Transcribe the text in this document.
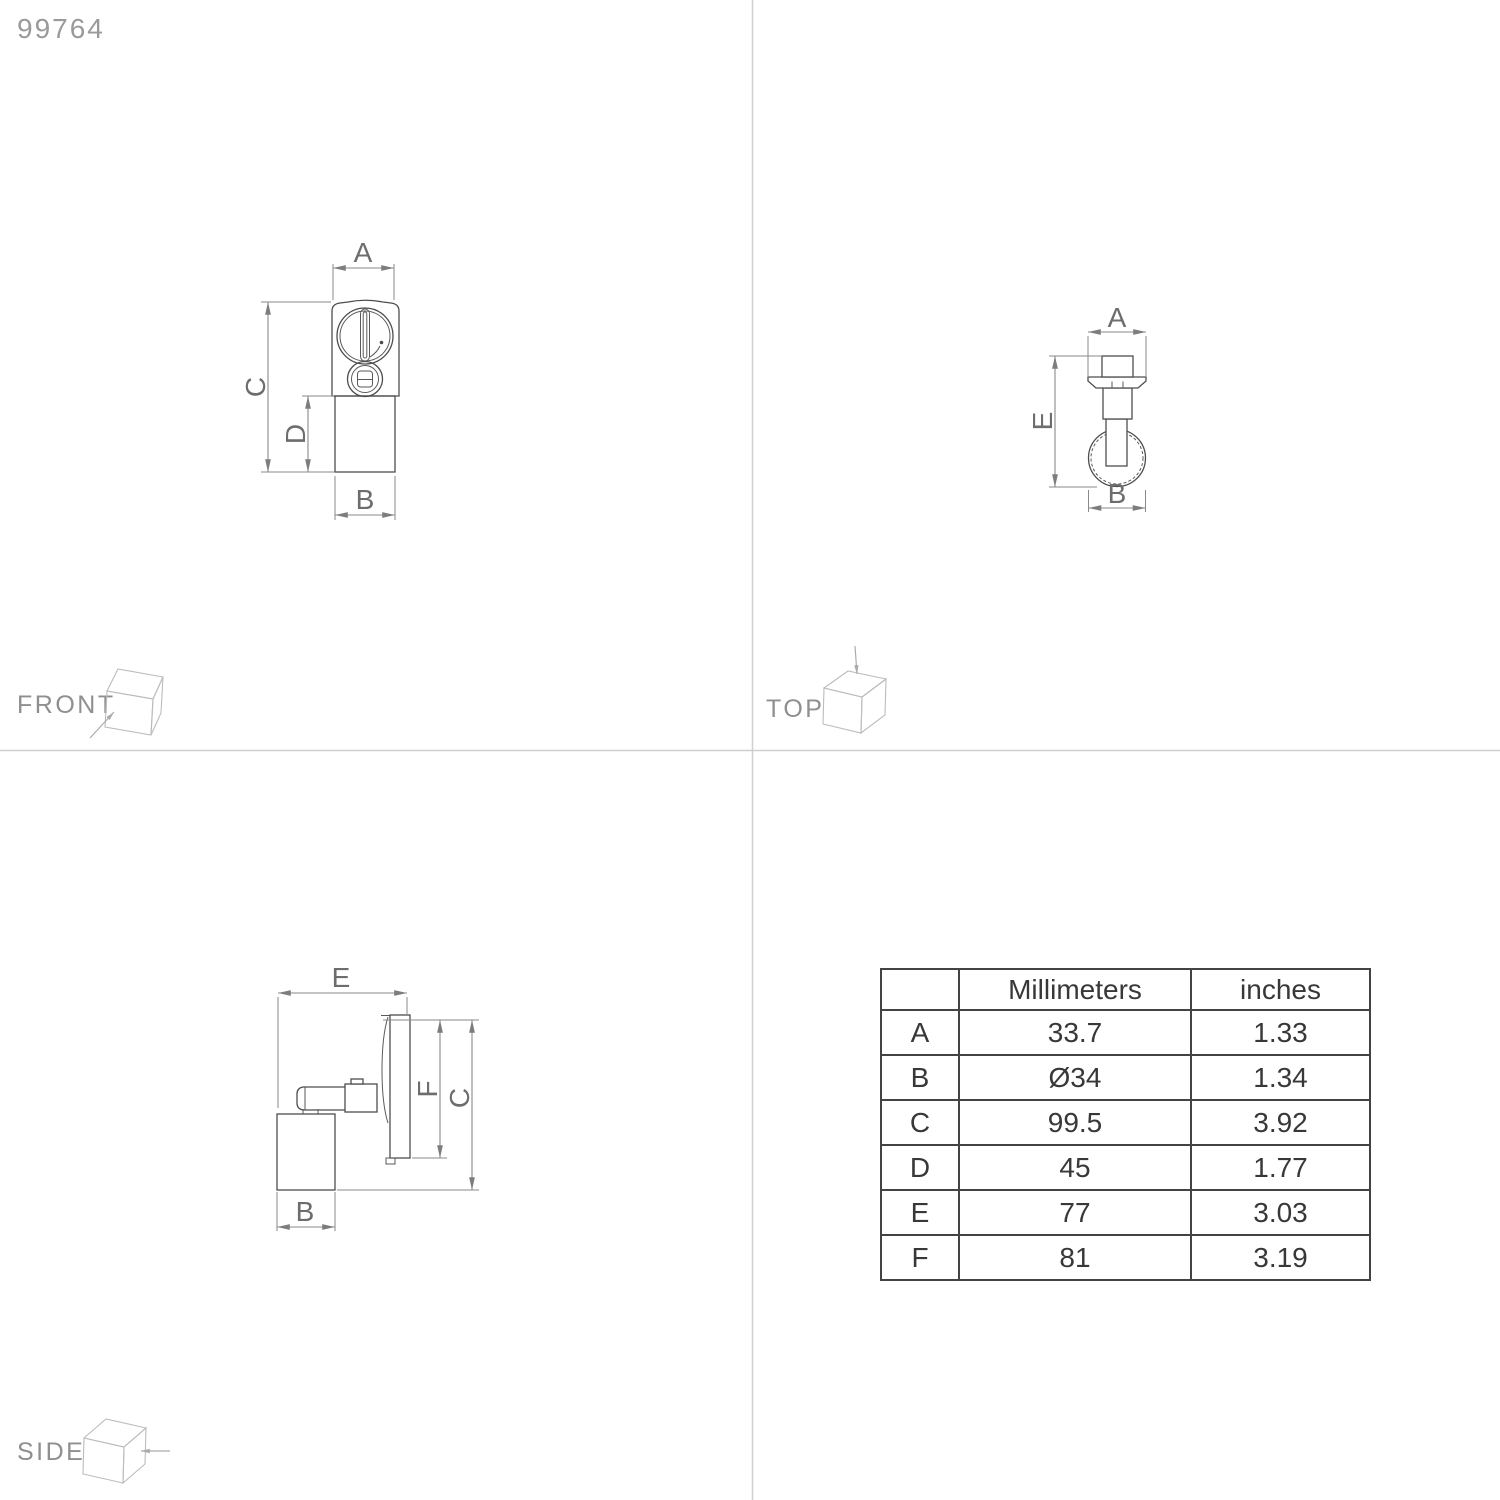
99764
A
C
D
B
FRONT
A
E
B
TOP
E
F C
B
SIDE
	Millimeters	inches
A	33.7	1.33
B	Ø34	1.34
C	99.5	3.92
D	45	1.77
E	77	3.03
F	81	3.19
